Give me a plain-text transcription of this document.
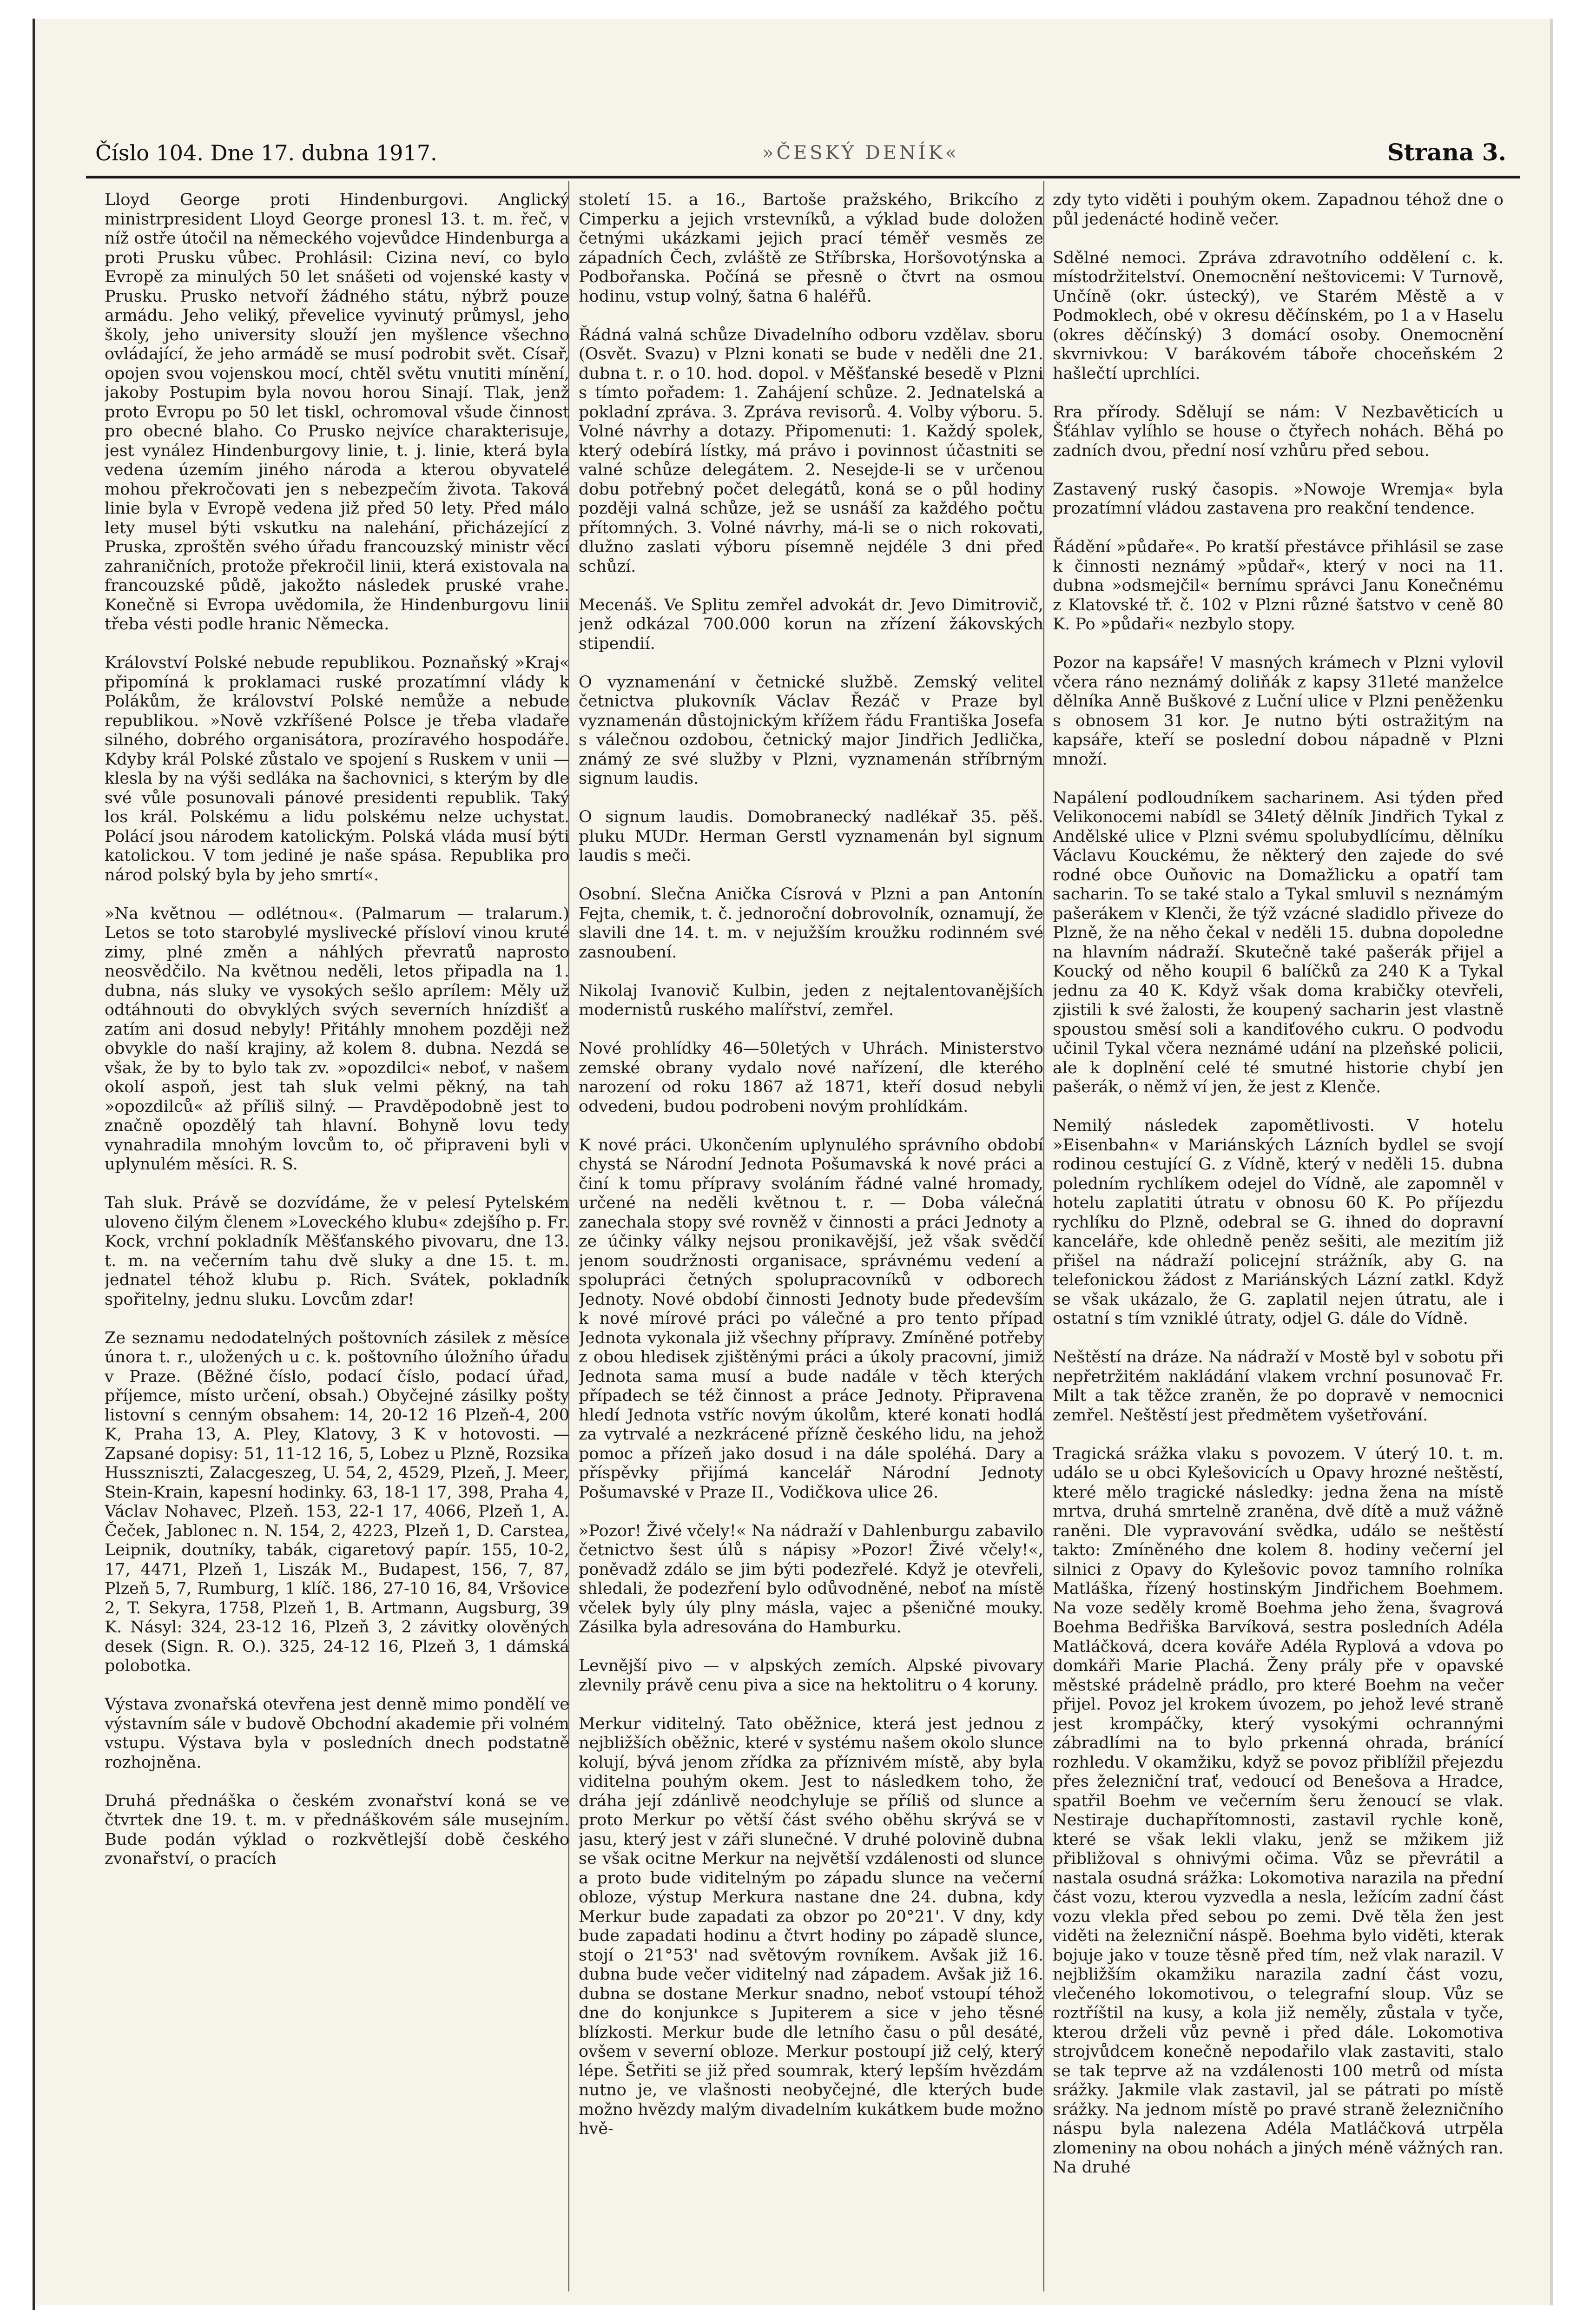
Číslo 104. Dne 17. dubna 1917.	»ČESKÝ DENÍK«	Strana 3.

Lloyd George proti Hindenburgovi. Anglický ministrpresident Lloyd George pronesl 13. t. m. řeč, v níž ostře útočil na německého vojevůdce Hindenburga a proti Prusku vůbec. Prohlásil: Cizina neví, co bylo Evropě za minulých 50 let snášeti od vojenské kasty v Prusku. Prusko netvoří žádného státu, nýbrž pouze armádu. Jeho veliký, převelice vyvinutý průmysl, jeho školy, jeho university slouží jen myšlence všechno ovládající, že jeho armádě se musí podrobit svět. Císař, opojen svou vojenskou mocí, chtěl světu vnutiti mínění, jakoby Postupim byla novou horou Sinají. Tlak, jenž proto Evropu po 50 let tiskl, ochromoval všude činnost pro obecné blaho. Co Prusko nejvíce charakterisuje, jest vynález Hindenburgovy linie, t. j. linie, která byla vedena územím jiného národa a kterou obyvatelé mohou překročovati jen s nebezpečím života. Taková linie byla v Evropě vedena již před 50 lety. Před málo lety musel býti vskutku na nalehání, přicházející z Pruska, zproštěn svého úřadu francouzský ministr věcí zahraničních, protože překročil linii, která existovala na francouzské půdě, jakožto následek pruské vrahe. Konečně si Evropa uvědomila, že Hindenburgovu linii třeba vésti podle hranic Německa.

Království Polské nebude republikou. Poznaňský »Kraj« připomíná k proklamaci ruské prozatímní vlády k Polákům, že království Polské nemůže a nebude republikou. »Nově vzkříšené Polsce je třeba vladaře silného, dobrého organisátora, prozíravého hospodáře. Kdyby král Polské zůstalo ve spojení s Ruskem v unii — klesla by na výši sedláka na šachovnici, s kterým by dle své vůle posunovali pánové presidenti republik. Taký los král. Polskému a lidu polskému nelze uchystat. Polácí jsou národem katolickým. Polská vláda musí býti katolickou. V tom jediné je naše spása. Republika pro národ polský byla by jeho smrtí«.

»Na květnou — odlétnou«. (Palmarum — tralarum.) Letos se toto starobylé myslivecké přísloví vinou kruté zimy, plné změn a náhlých převratů naprosto neosvědčilo. Na květnou neděli, letos připadla na 1. dubna, nás sluky ve vysokých sešlo aprílem: Měly už odtáhnouti do obvyklých svých severních hnízdišť a zatím ani dosud nebyly! Přitáhly mnohem později než obvykle do naší krajiny, až kolem 8. dubna. Nezdá se však, že by to bylo tak zv. »opozdilci« neboť, v našem okolí aspoň, jest tah sluk velmi pěkný, na tah »opozdilců« až příliš silný. — Pravděpodobně jest to značně opozdělý tah hlavní. Bohyně lovu tedy vynahradila mnohým lovcům to, oč připraveni byli v uplynulém měsíci. R. S.

Tah sluk. Právě se dozvídáme, že v pelesí Pytelském uloveno čilým členem »Loveckého klubu« zdejšího p. Fr. Kock, vrchní pokladník Měšťanského pivovaru, dne 13. t. m. na večerním tahu dvě sluky a dne 15. t. m. jednatel téhož klubu p. Rich. Svátek, pokladník spořitelny, jednu sluku. Lovcům zdar!

Ze seznamu nedodatelných poštovních zásilek z měsíce února t. r., uložených u c. k. poštovního úložního úřadu v Praze. (Běžné číslo, podací číslo, podací úřad, příjemce, místo určení, obsah.) Obyčejné zásilky pošty listovní s cenným obsahem: 14, 20-12 16 Plzeň-4, 200 K, Praha 13, A. Pley, Klatovy, 3 K v hotovosti. — Zapsané dopisy: 51, 11-12 16, 5, Lobez u Plzně, Rozsika Husszniszti, Zalacgeszeg, U. 54, 2, 4529, Plzeň, J. Meer, Stein-Krain, kapesní hodinky. 63, 18-1 17, 398, Praha 4, Václav Nohavec, Plzeň. 153, 22-1 17, 4066, Plzeň 1, A. Čeček, Jablonec n. N. 154, 2, 4223, Plzeň 1, D. Carstea, Leipnik, doutníky, tabák, cigaretový papír. 155, 10-2, 17, 4471, Plzeň 1, Liszák M., Budapest, 156, 7, 87, Plzeň 5, 7, Rumburg, 1 klíč. 186, 27-10 16, 84, Vršovice 2, T. Sekyra, 1758, Plzeň 1, B. Artmann, Augsburg, 39 K. Násyl: 324, 23-12 16, Plzeň 3, 2 závitky olověných desek (Sign. R. O.). 325, 24-12 16, Plzeň 3, 1 dámská polobotka.

Výstava zvonařská otevřena jest denně mimo pondělí ve výstavním sále v budově Obchodní akademie při volném vstupu. Výstava byla v posledních dnech podstatně rozhojněna.

Druhá přednáška o českém zvonařství koná se ve čtvrtek dne 19. t. m. v přednáškovém sále musejním. Bude podán výklad o rozkvětlejší době českého zvonařství, o pracích

století 15. a 16., Bartoše pražského, Brikcího z Cimperku a jejich vrstevníků, a výklad bude doložen četnými ukázkami jejich prací téměř vesměs ze západních Čech, zvláště ze Stříbrska, Horšovotýnska a Podbořanska. Počíná se přesně o čtvrt na osmou hodinu, vstup volný, šatna 6 haléřů.

Řádná valná schůze Divadelního odboru vzdělav. sboru (Osvět. Svazu) v Plzni konati se bude v neděli dne 21. dubna t. r. o 10. hod. dopol. v Měšťanské besedě v Plzni s tímto pořadem: 1. Zahájení schůze. 2. Jednatelská a pokladní zpráva. 3. Zpráva revisorů. 4. Volby výboru. 5. Volné návrhy a dotazy. Připomenuti: 1. Každý spolek, který odebírá lístky, má právo i povinnost účastniti se valné schůze delegátem. 2. Nesejde-li se v určenou dobu potřebný počet delegátů, koná se o půl hodiny později valná schůze, jež se usnáší za každého počtu přítomných. 3. Volné návrhy, má-li se o nich rokovati, dlužno zaslati výboru písemně nejdéle 3 dni před schůzí.

Mecenáš. Ve Splitu zemřel advokát dr. Jevo Dimitrovič, jenž odkázal 700.000 korun na zřízení žákovských stipendií.

O vyznamenání v četnické službě. Zemský velitel četnictva plukovník Václav Řezáč v Praze byl vyznamenán důstojnickým křížem řádu Františka Josefa s válečnou ozdobou, četnický major Jindřich Jedlička, známý ze své služby v Plzni, vyznamenán stříbrným signum laudis.

O signum laudis. Domobranecký nadlékař 35. pěš. pluku MUDr. Herman Gerstl vyznamenán byl signum laudis s meči.

Osobní. Slečna Anička Císrová v Plzni a pan Antonín Fejta, chemik, t. č. jednoroční dobrovolník, oznamují, že slavili dne 14. t. m. v nejužším kroužku rodinném své zasnoubení.

Nikolaj Ivanovič Kulbin, jeden z nejtalentovanějších modernistů ruského malířství, zemřel.

Nové prohlídky 46—50letých v Uhrách. Ministerstvo zemské obrany vydalo nové nařízení, dle kterého narození od roku 1867 až 1871, kteří dosud nebyli odvedeni, budou podrobeni novým prohlídkám.

K nové práci. Ukončením uplynulého správního období chystá se Národní Jednota Pošumavská k nové práci a činí k tomu přípravy svoláním řádné valné hromady, určené na neděli květnou t. r. — Doba válečná zanechala stopy své rovněž v činnosti a práci Jednoty a ze účinky války nejsou pronikavější, jež však svědčí jenom soudržnosti organisace, správnému vedení a spolupráci četných spolupracovníků v odborech Jednoty. Nové období činnosti Jednoty bude především k nové mírové práci po válečné a pro tento případ Jednota vykonala již všechny přípravy. Zmíněné potřeby z obou hledisek zjištěnými práci a úkoly pracovní, jimiž Jednota sama musí a bude nadále v těch kterých případech se též činnost a práce Jednoty. Připravena hledí Jednota vstříc novým úkolům, které konati hodlá za vytrvalé a nezkrácené přízně českého lidu, na jehož pomoc a přízeň jako dosud i na dále spoléhá. Dary a příspěvky přijímá kancelář Národní Jednoty Pošumavské v Praze II., Vodičkova ulice 26.

»Pozor! Živé včely!« Na nádraží v Dahlenburgu zabavilo četnictvo šest úlů s nápisy »Pozor! Živé včely!«, poněvadž zdálo se jim býti podezřelé. Když je otevřeli, shledali, že podezření bylo odůvodněné, neboť na místě včelek byly úly plny másla, vajec a pšeničné mouky. Zásilka byla adresována do Hamburku.

Levnější pivo — v alpských zemích. Alpské pivovary zlevnily právě cenu piva a sice na hektolitru o 4 koruny.

Merkur viditelný. Tato oběžnice, která jest jednou z nejbližších oběžnic, které v systému našem okolo slunce kolují, bývá jenom zřídka za příznivém místě, aby byla viditelna pouhým okem. Jest to následkem toho, že dráha její zdánlivě neodchyluje se příliš od slunce a proto Merkur po větší část svého oběhu skrývá se v jasu, který jest v záři slunečné. V druhé polovině dubna se však ocitne Merkur na největší vzdálenosti od slunce a proto bude viditelným po západu slunce na večerní obloze, výstup Merkura nastane dne 24. dubna, kdy Merkur bude zapadati za obzor po 20°21'. V dny, kdy bude zapadati hodinu a čtvrt hodiny po západě slunce, stojí o 21°53' nad světovým rovníkem. Avšak již 16. dubna bude večer viditelný nad západem. Avšak již 16. dubna se dostane Merkur snadno, neboť vstoupí téhož dne do konjunkce s Jupiterem a sice v jeho těsné blízkosti. Merkur bude dle letního času o půl desáté, ovšem v severní obloze. Merkur postoupí již celý, který lépe. Šetřiti se již před soumrak, který lepším hvězdám nutno je, ve vlašnosti neobyčejné, dle kterých bude možno hvězdy malým divadelním kukátkem bude možno hvě-

zdy tyto viděti i pouhým okem. Zapadnou téhož dne o půl jedenácté hodině večer.

Sdělné nemoci. Zpráva zdravotního oddělení c. k. místodržitelství. Onemocnění neštovicemi: V Turnově, Unčíně (okr. ústecký), ve Starém Městě a v Podmoklech, obé v okresu děčínském, po 1 a v Haselu (okres děčínský) 3 domácí osoby. Onemocnění skvrnivkou: V barákovém táboře choceňském 2 hašlečtí uprchlíci.

Rra přírody. Sdělují se nám: V Nezbavěticích u Šťáhlav vylíhlo se house o čtyřech nohách. Běhá po zadních dvou, přední nosí vzhůru před sebou.

Zastavený ruský časopis. »Nowoje Wremja« byla prozatímní vládou zastavena pro reakční tendence.

Řádění »půdaře«. Po kratší přestávce přihlásil se zase k činnosti neznámý »půdař«, který v noci na 11. dubna »odsmejčil« bernímu správci Janu Konečnému z Klatovské tř. č. 102 v Plzni různé šatstvo v ceně 80 K. Po »půdaři« nezbylo stopy.

Pozor na kapsáře! V masných krámech v Plzni vylovil včera ráno neznámý doliňák z kapsy 31leté manželce dělníka Anně Buškové z Luční ulice v Plzni peněženku s obnosem 31 kor. Je nutno býti ostražitým na kapsáře, kteří se poslední dobou nápadně v Plzni množí.

Napálení podloudníkem sacharinem. Asi týden před Velikonocemi nabídl se 34letý dělník Jindřich Tykal z Andělské ulice v Plzni svému spolubydlícímu, dělníku Václavu Kouckému, že některý den zajede do své rodné obce Ouňovic na Domažlicku a opatří tam sacharin. To se také stalo a Tykal smluvil s neznámým pašerákem v Klenči, že týž vzácné sladidlo přiveze do Plzně, že na něho čekal v neděli 15. dubna dopoledne na hlavním nádraží. Skutečně také pašerák přijel a Koucký od něho koupil 6 balíčků za 240 K a Tykal jednu za 40 K. Když však doma krabičky otevřeli, zjistili k své žalosti, že koupený sacharin jest vlastně spoustou směsí soli a kandiťového cukru. O podvodu učinil Tykal včera neznámé udání na plzeňské policii, ale k doplnění celé té smutné historie chybí jen pašerák, o němž ví jen, že jest z Klenče.

Nemilý následek zapomětlivosti. V hotelu »Eisenbahn« v Mariánských Lázních bydlel se svojí rodinou cestující G. z Vídně, který v neděli 15. dubna poledním rychlíkem odejel do Vídně, ale zapomněl v hotelu zaplatiti útratu v obnosu 60 K. Po příjezdu rychlíku do Plzně, odebral se G. ihned do dopravní kanceláře, kde ohledně peněz sešiti, ale mezitím již přišel na nádraží policejní strážník, aby G. na telefonickou žádost z Mariánských Lázní zatkl. Když se však ukázalo, že G. zaplatil nejen útratu, ale i ostatní s tím vzniklé útraty, odjel G. dále do Vídně.

Neštěstí na dráze. Na nádraží v Mostě byl v sobotu při nepřetržitém nakládání vlakem vrchní posunovač Fr. Milt a tak těžce zraněn, že po dopravě v nemocnici zemřel. Neštěstí jest předmětem vyšetřování.

Tragická srážka vlaku s povozem. V úterý 10. t. m. událo se u obci Kylešovicích u Opavy hrozné neštěstí, které mělo tragické následky: jedna žena na místě mrtva, druhá smrtelně zraněna, dvě dítě a muž vážně raněni. Dle vypravování svědka, událo se neštěstí takto: Zmíněného dne kolem 8. hodiny večerní jel silnici z Opavy do Kylešovic povoz tamního rolníka Matláška, řízený hostinským Jindřichem Boehmem. Na voze seděly kromě Boehma jeho žena, švagrová Boehma Bedřiška Barvíková, sestra posledních Adéla Matláčková, dcera kováře Adéla Ryplová a vdova po domkáři Marie Plachá. Ženy prály pře v opavské městské prádelně prádlo, pro které Boehm na večer přijel. Povoz jel krokem úvozem, po jehož levé straně jest krompáčky, který vysokými ochrannými zábradlími na to bylo prkenná ohrada, bránící rozhledu. V okamžiku, když se povoz přiblížil přejezdu přes železniční trať, vedoucí od Benešova a Hradce, spatřil Boehm ve večerním šeru ženoucí se vlak. Nestiraje duchapřítomnosti, zastavil rychle koně, které se však lekli vlaku, jenž se mžikem již přibližoval s ohnivými očima. Vůz se převrátil a nastala osudná srážka: Lokomotiva narazila na přední část vozu, kterou vyzvedla a nesla, ležícím zadní část vozu vlekla před sebou po zemi. Dvě těla žen jest viděti na železniční náspě. Boehma bylo viděti, kterak bojuje jako v touze těsně před tím, než vlak narazil. V nejbližším okamžiku narazila zadní část vozu, vlečeného lokomotivou, o telegrafní sloup. Vůz se roztříštil na kusy, a kola již neměly, zůstala v tyče, kterou drželi vůz pevně i před dále. Lokomotiva strojvůdcem konečně nepodařilo vlak zastaviti, stalo se tak teprve až na vzdálenosti 100 metrů od místa srážky. Jakmile vlak zastavil, jal se pátrati po místě srážky. Na jednom místě po pravé straně železničního náspu byla nalezena Adéla Matláčková utrpěla zlomeniny na obou nohách a jiných méně vážných ran. Na druhé
